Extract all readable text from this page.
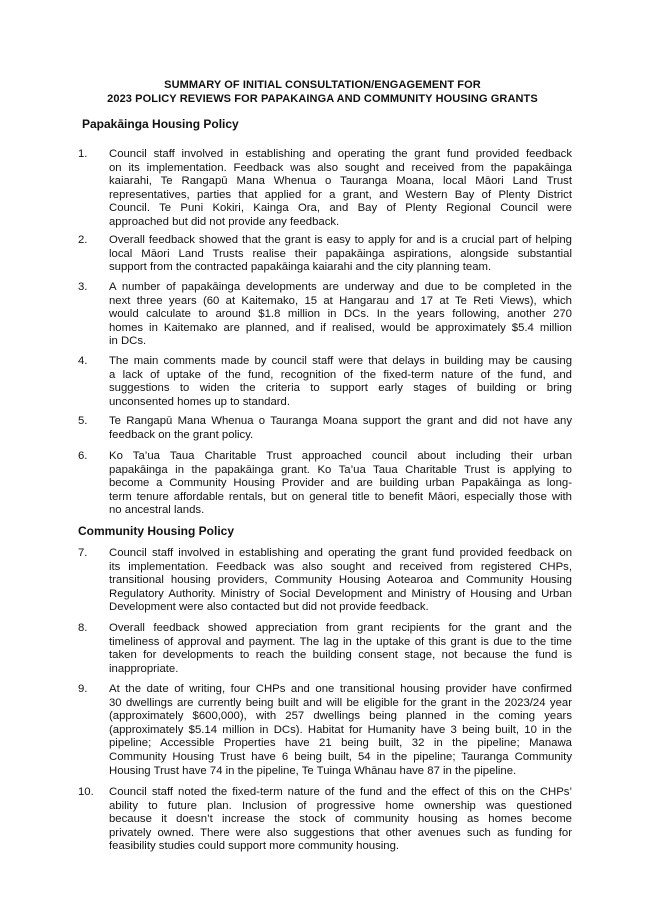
SUMMARY OF INITIAL CONSULTATION/ENGAGEMENT FOR
2023 POLICY REVIEWS FOR PAPAKAINGA AND COMMUNITY HOUSING GRANTS
Papakāinga Housing Policy
1.	Council staff involved in establishing and operating the grant fund provided feedback
on its implementation. Feedback was also sought and received from the papakāinga
kaiarahi, Te Rangapū Mana Whenua o Tauranga Moana, local Māori Land Trust
representatives, parties that applied for a grant, and Western Bay of Plenty District
Council. Te Puni Kokiri, Kainga Ora, and Bay of Plenty Regional Council were
approached but did not provide any feedback.
2.	Overall feedback showed that the grant is easy to apply for and is a crucial part of helping
local Māori Land Trusts realise their papakāinga aspirations, alongside substantial
support from the contracted papakāinga kaiarahi and the city planning team.
3.	A number of papakāinga developments are underway and due to be completed in the
next three years (60 at Kaitemako, 15 at Hangarau and 17 at Te Reti Views), which
would calculate to around $1.8 million in DCs. In the years following, another 270
homes in Kaitemako are planned, and if realised, would be approximately $5.4 million
in DCs.
4.	The main comments made by council staff were that delays in building may be causing
a lack of uptake of the fund, recognition of the fixed-term nature of the fund, and
suggestions to widen the criteria to support early stages of building or bring
unconsented homes up to standard.
5.	Te Rangapū Mana Whenua o Tauranga Moana support the grant and did not have any
feedback on the grant policy.
6.	Ko Ta’ua Taua Charitable Trust approached council about including their urban
papakāinga in the papakāinga grant. Ko Ta’ua Taua Charitable Trust is applying to
become a Community Housing Provider and are building urban Papakāinga as long-
term tenure affordable rentals, but on general title to benefit Māori, especially those with
no ancestral lands.
Community Housing Policy
7.	Council staff involved in establishing and operating the grant fund provided feedback on
its implementation. Feedback was also sought and received from registered CHPs,
transitional housing providers, Community Housing Aotearoa and Community Housing
Regulatory Authority. Ministry of Social Development and Ministry of Housing and Urban
Development were also contacted but did not provide feedback.
8.	Overall feedback showed appreciation from grant recipients for the grant and the
timeliness of approval and payment. The lag in the uptake of this grant is due to the time
taken for developments to reach the building consent stage, not because the fund is
inappropriate.
9.	At the date of writing, four CHPs and one transitional housing provider have confirmed
30 dwellings are currently being built and will be eligible for the grant in the 2023/24 year
(approximately $600,000), with 257 dwellings being planned in the coming years
(approximately $5.14 million in DCs). Habitat for Humanity have 3 being built, 10 in the
pipeline; Accessible Properties have 21 being built, 32 in the pipeline; Manawa
Community Housing Trust have 6 being built, 54 in the pipeline; Tauranga Community
Housing Trust have 74 in the pipeline, Te Tuinga Whānau have 87 in the pipeline.
10.	Council staff noted the fixed-term nature of the fund and the effect of this on the CHPs’
ability to future plan. Inclusion of progressive home ownership was questioned
because it doesn’t increase the stock of community housing as homes become
privately owned. There were also suggestions that other avenues such as funding for
feasibility studies could support more community housing.
